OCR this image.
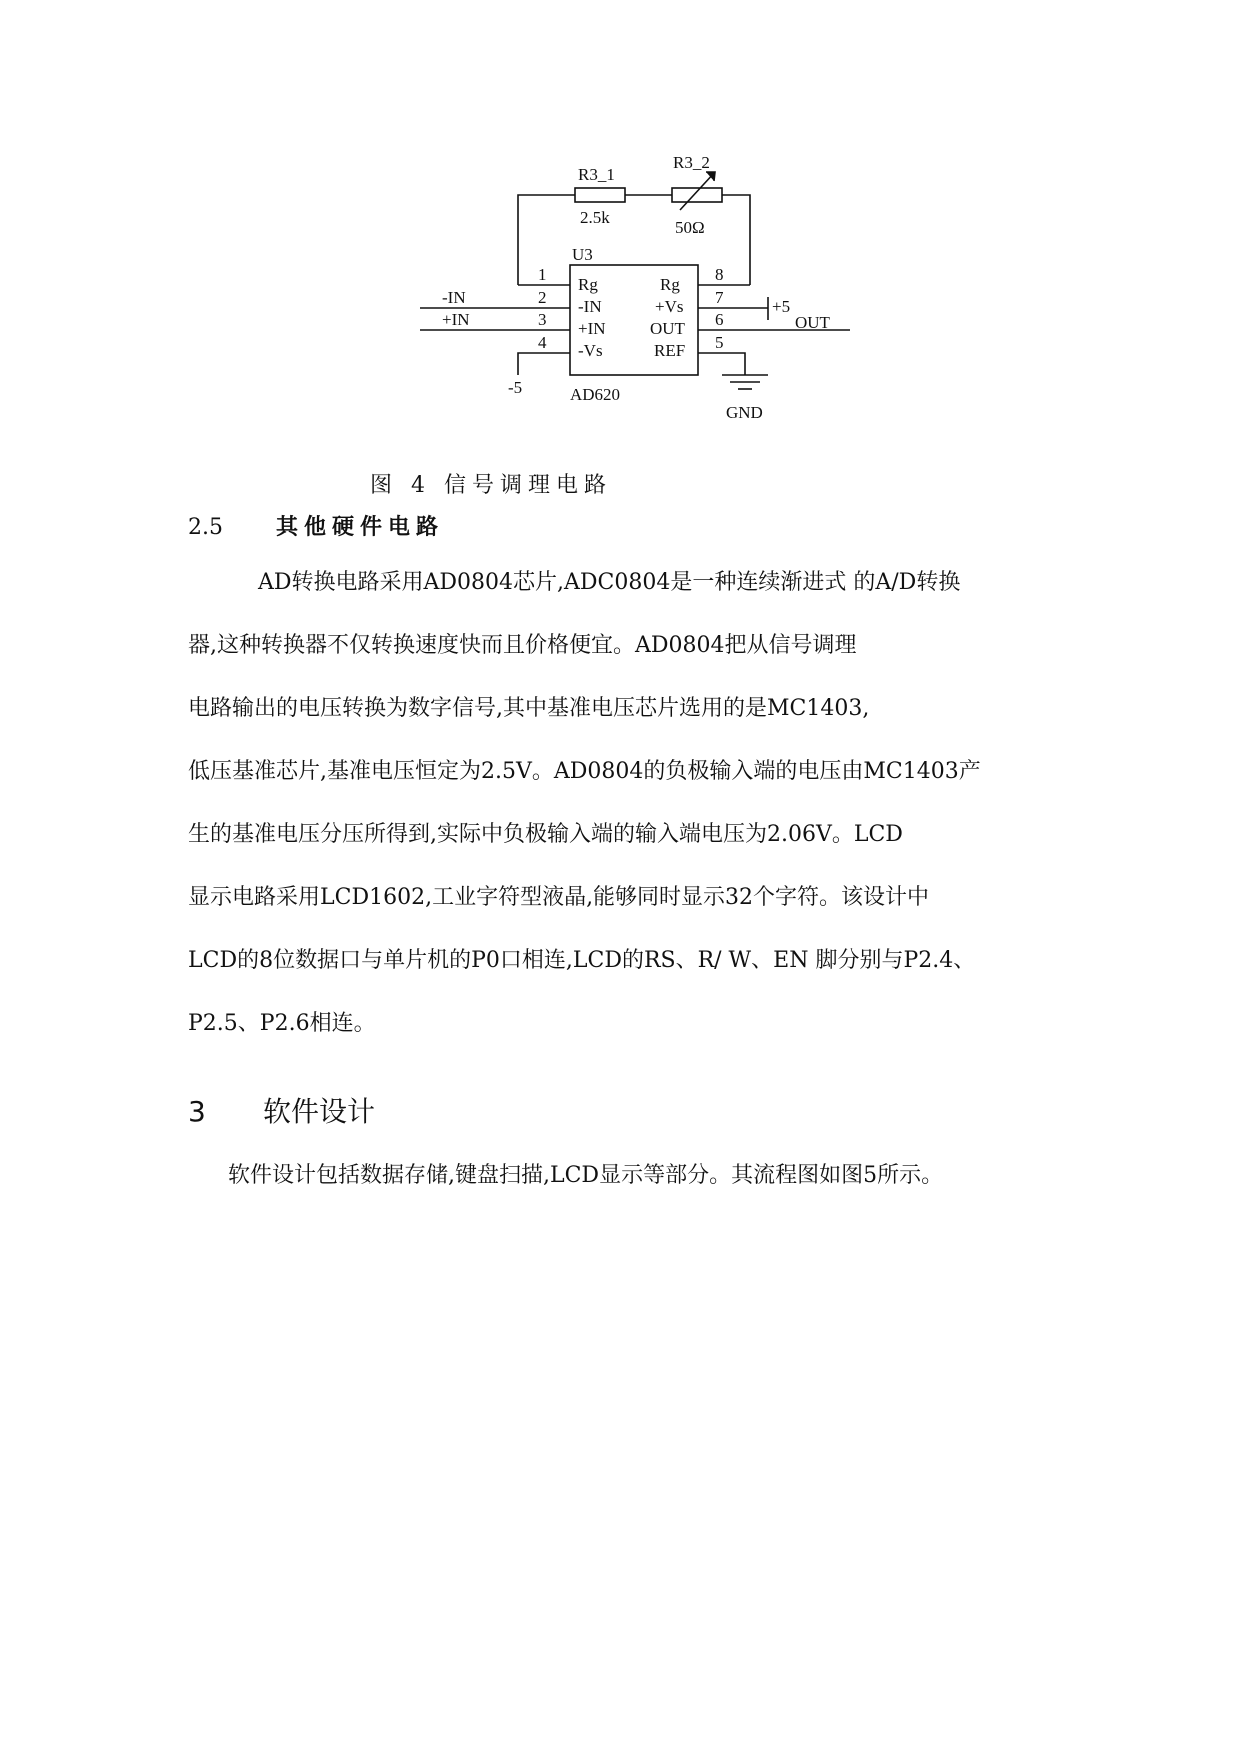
R3_1
2.5k
R3_2
50Ω
U3
AD620
1
2
3
4
-IN
+IN
-5
Rg
-IN
+IN
-Vs
Rg
+Vs
OUT
REF
8
7
6
5
+5
OUT
GND
图 4 信号调理电路
2.5 其他硬件电路
AD转换电路采用AD0804芯片,ADC0804是一种连续渐进式 的A/D转换
器,这种转换器不仅转换速度快而且价格便宜。AD0804把从信号调理
电路输出的电压转换为数字信号,其中基准电压芯片选用的是MC1403,
低压基准芯片,基准电压恒定为2.5V。AD0804的负极输入端的电压由MC1403产
生的基准电压分压所得到,实际中负极输入端的输入端电压为2.06V。LCD
显示电路采用LCD1602,工业字符型液晶,能够同时显示32个字符。该设计中
LCD的8位数据口与单片机的P0口相连,LCD的RS、R/ W、EN 脚分别与P2.4、
P2.5、P2.6相连。
3 软件设计
软件设计包括数据存储,键盘扫描,LCD显示等部分。其流程图如图5所示。
